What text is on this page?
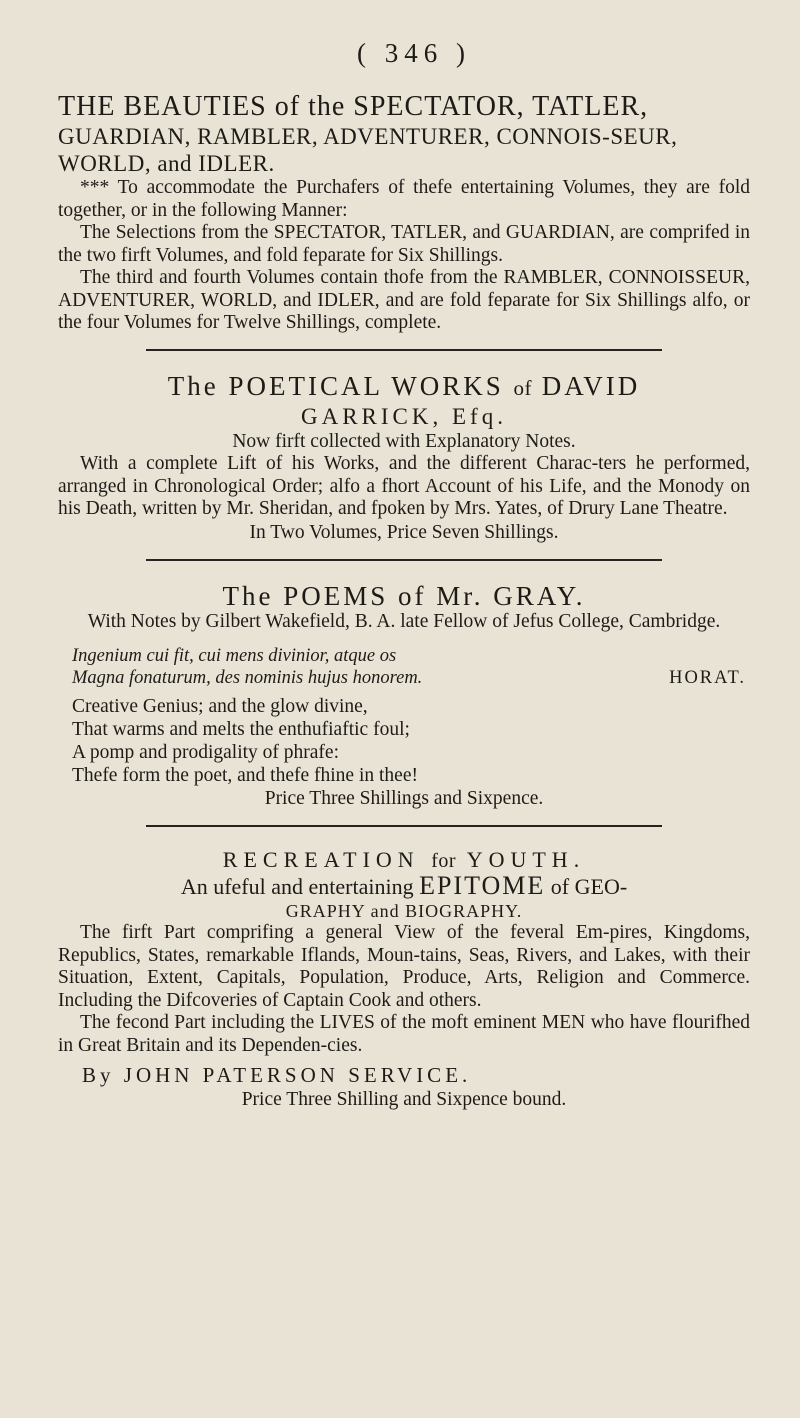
( 346 )
THE BEAUTIES of the SPECTATOR, TATLER,
GUARDIAN, RAMBLER, ADVENTURER, CONNOIS-SEUR, WORLD, and IDLER.

*** To accommodate the Purchafers of thefe entertaining Volumes, they are fold together, or in the following Manner:

The Selections from the SPECTATOR, TATLER, and GUARDIAN, are comprifed in the two firft Volumes, and fold feparate for Six Shillings.

The third and fourth Volumes contain thofe from the RAMBLER, CONNOISSEUR, ADVENTURER, WORLD, and IDLER, and are fold feparate for Six Shillings alfo, or the four Volumes for Twelve Shillings, complete.

The POETICAL WORKS of DAVID
GARRICK, Efq.

Now firft collected with Explanatory Notes.

With a complete Lift of his Works, and the different Charac-ters he performed, arranged in Chronological Order; alfo a fhort Account of his Life, and the Monody on his Death, written by Mr. Sheridan, and fpoken by Mrs. Yates, of Drury Lane Theatre.

In Two Volumes, Price Seven Shillings.
The POEMS of Mr. GRAY.

With Notes by Gilbert Wakefield, B. A. late Fellow of Jefus College, Cambridge.

Ingenium cui fit, cui mens divinior, atque os
Magna fonaturum, des nominis hujus honorem.	HORAT.
Creative Genius; and the glow divine,
That warms and melts the enthufiaftic foul;
A pomp and prodigality of phrafe:
Thefe form the poet, and thefe fhine in thee!
Price Three Shillings and Sixpence.
RECREATION for YOUTH.
An ufeful and entertaining EPITOME of GEO-
GRAPHY and BIOGRAPHY.

The firft Part comprifing a general View of the feveral Em-pires, Kingdoms, Republics, States, remarkable Iflands, Moun-tains, Seas, Rivers, and Lakes, with their Situation, Extent, Capitals, Population, Produce, Arts, Religion and Commerce. Including the Difcoveries of Captain Cook and others.

The fecond Part including the LIVES of the moft eminent MEN who have flourifhed in Great Britain and its Dependen-cies.

By JOHN PATERSON SERVICE.
Price Three Shilling and Sixpence bound.
